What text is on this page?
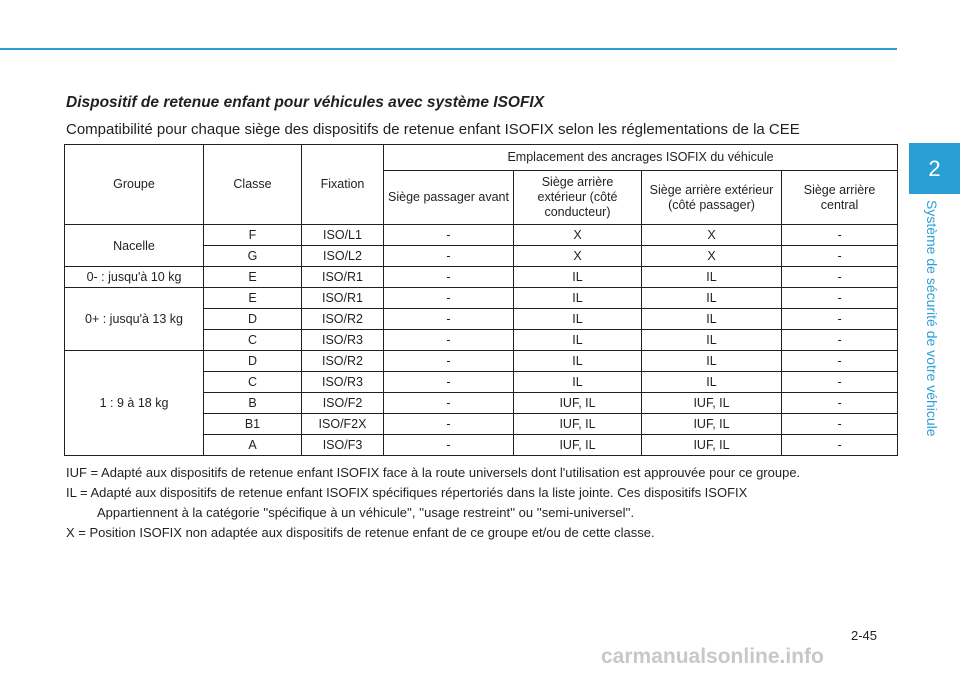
2
Système de sécurité de votre véhicule
Dispositif de retenue enfant pour véhicules avec système ISOFIX
Compatibilité pour chaque siège des dispositifs de retenue enfant ISOFIX selon les réglementations de la CEE
Groupe	Classe	Fixation	Emplacement des ancrages ISOFIX du véhicule			
			Siège passager avant	Siège arrière extérieur (côté conducteur)	Siège arrière extérieur (côté passager)	Siège arrière central
Nacelle	F	ISO/L1	-	X	X	-
	G	ISO/L2	-	X	X	-
0- : jusqu'à 10 kg	E	ISO/R1	-	IL	IL	-
0+ : jusqu'à 13 kg	E	ISO/R1	-	IL	IL	-
	D	ISO/R2	-	IL	IL	-
	C	ISO/R3	-	IL	IL	-
1 : 9 à 18 kg	D	ISO/R2	-	IL	IL	-
	C	ISO/R3	-	IL	IL	-
	B	ISO/F2	-	IUF, IL	IUF, IL	-
	B1	ISO/F2X	-	IUF, IL	IUF, IL	-
	A	ISO/F3	-	IUF, IL	IUF, IL	-
IUF = Adapté aux dispositifs de retenue enfant ISOFIX face à la route universels dont l'utilisation est approuvée pour ce groupe.
IL = Adapté aux dispositifs de retenue enfant ISOFIX spécifiques répertoriés dans la liste jointe. Ces dispositifs ISOFIX
Appartiennent à la catégorie ''spécifique à un véhicule'', ''usage restreint'' ou ''semi-universel''.
X = Position ISOFIX non adaptée aux dispositifs de retenue enfant de ce groupe et/ou de cette classe.
2-45
carmanualsonline.info
